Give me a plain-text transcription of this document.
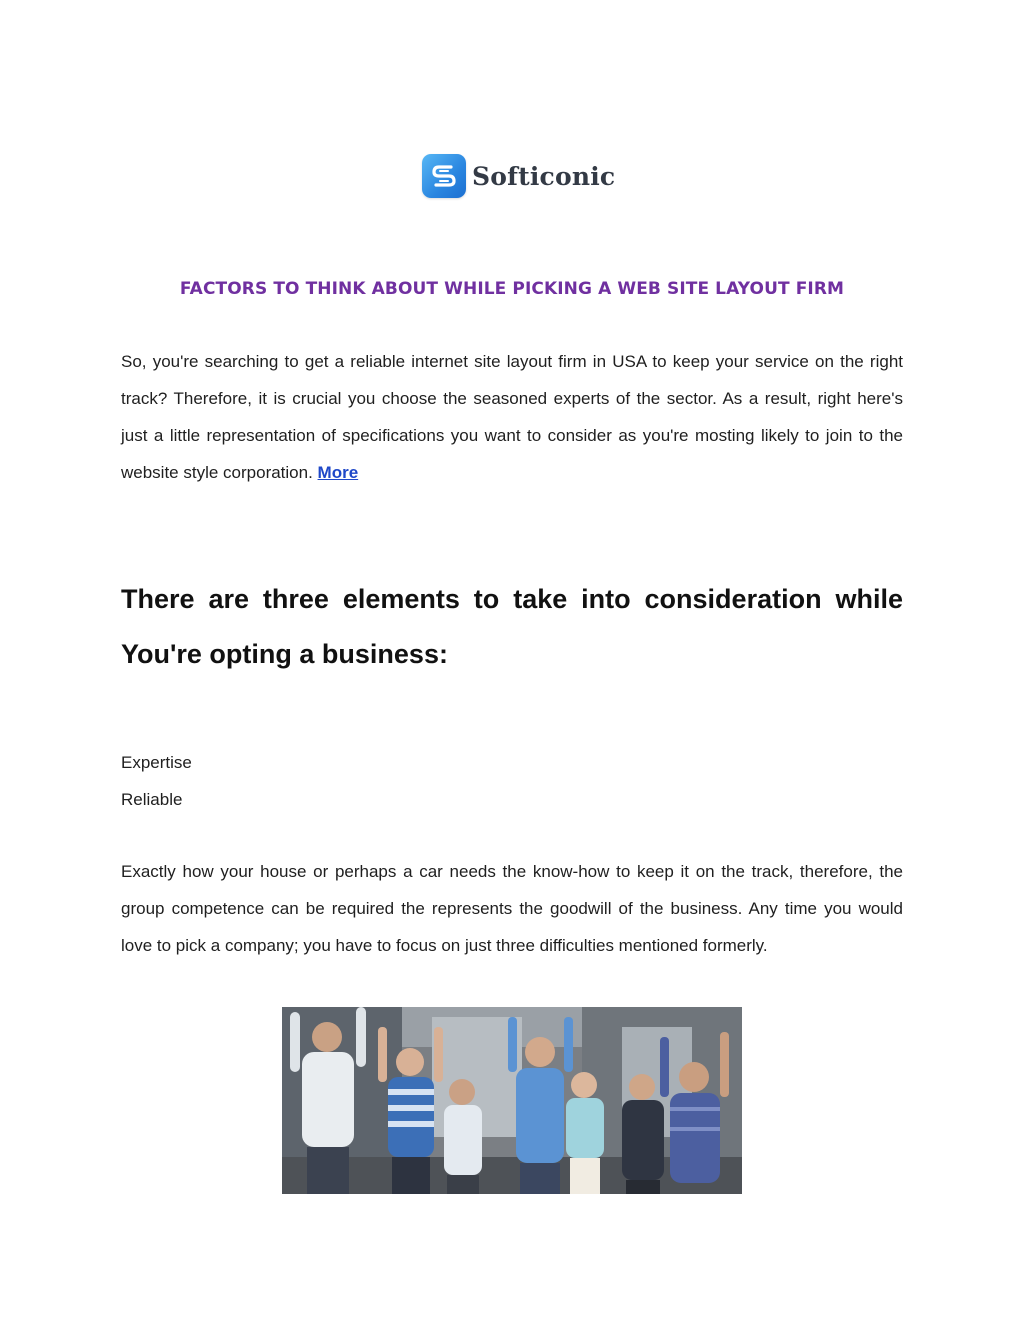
Softiconic
FACTORS TO THINK ABOUT WHILE PICKING A WEB SITE LAYOUT FIRM

So, you're searching to get a reliable internet site layout firm in USA to keep your service on the right track? Therefore, it is crucial you choose the seasoned experts of the sector. As a result, right here's just a little representation of specifications you want to consider as you're mosting likely to join to the website style corporation. More

There are three elements to take into consideration while You're opting a business:
Expertise
Reliable

Exactly how your house or perhaps a car needs the know-how to keep it on the track, therefore, the group competence can be required the represents the goodwill of the business. Any time you would love to pick a company; you have to focus on just three difficulties mentioned formerly.
